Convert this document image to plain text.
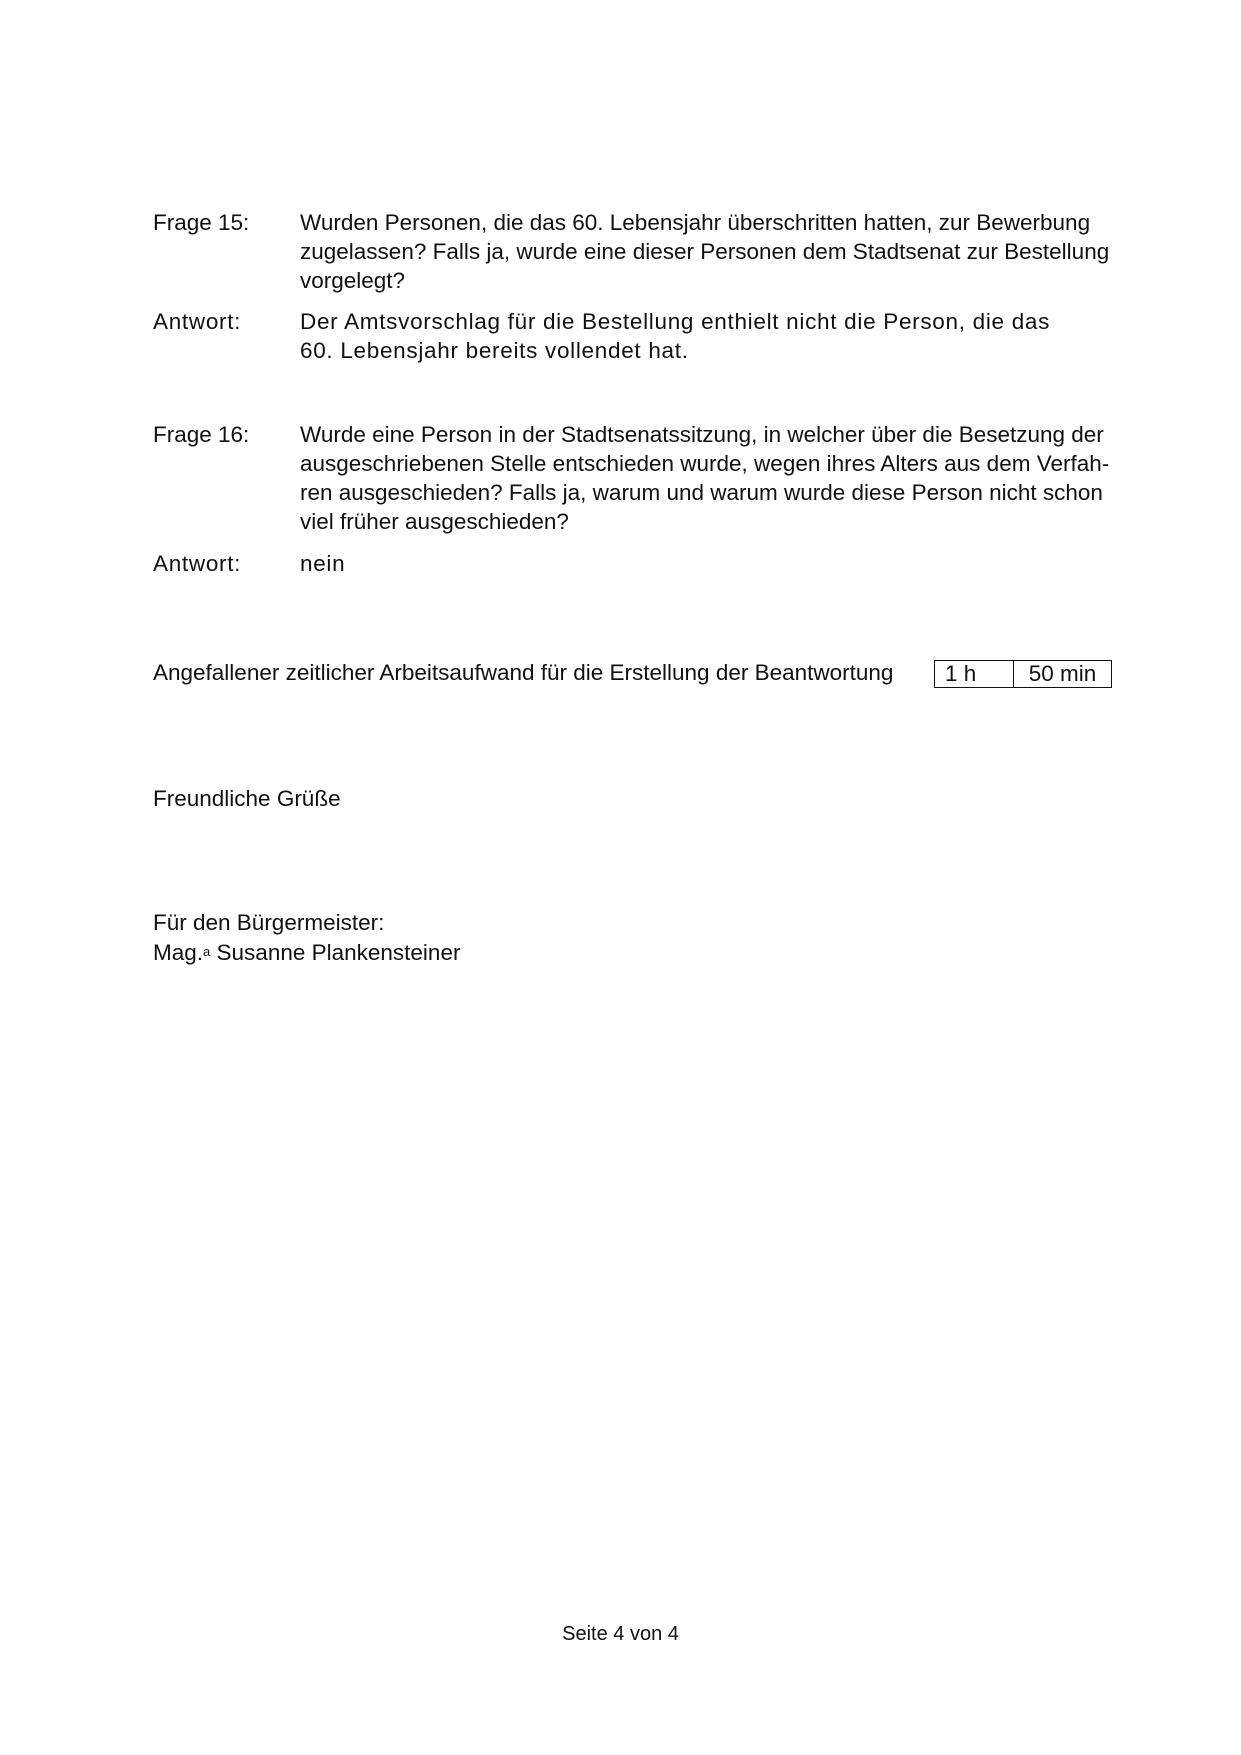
Frage 15:	Wurden Personen, die das 60. Lebensjahr überschritten hatten, zur Bewerbung
zugelassen? Falls ja, wurde eine dieser Personen dem Stadtsenat zur Bestellung
vorgelegt?
Antwort:	Der Amtsvorschlag für die Bestellung enthielt nicht die Person, die das
60. Lebensjahr bereits vollendet hat.
Frage 16:	Wurde eine Person in der Stadtsenatssitzung, in welcher über die Besetzung der
ausgeschriebenen Stelle entschieden wurde, wegen ihres Alters aus dem Verfah-
ren ausgeschieden? Falls ja, warum und warum wurde diese Person nicht schon
viel früher ausgeschieden?
Antwort:	nein
Angefallener zeitlicher Arbeitsaufwand für die Erstellung der Beantwortung	1 h	50 min
Freundliche Grüße
Für den Bürgermeister:
Mag.$^a$ Susanne Plankensteiner
Seite 4 von 4
